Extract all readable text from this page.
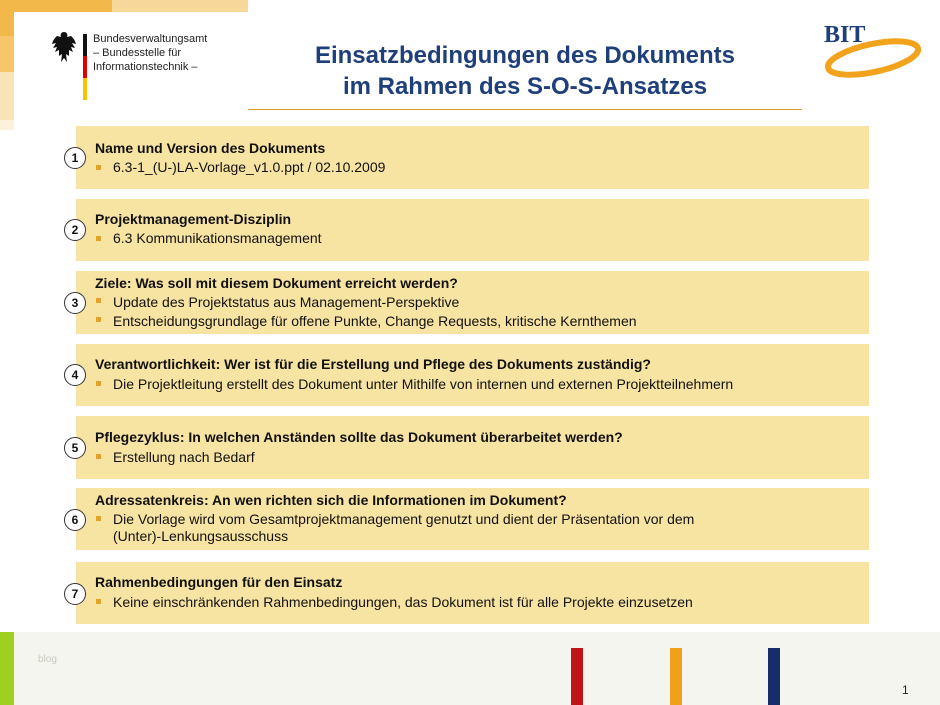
Bundesverwaltungsamt
– Bundesstelle für
Informationstechnik –	Einsatzbedingungen des Dokuments
im Rahmen des S-O-S-Ansatzes
BIT
Name und Version des Dokuments
6.3-1_(U-)LA-Vorlage_v1.0.ppt / 02.10.2009
1
Projektmanagement-Disziplin
6.3 Kommunikationsmanagement
2
Ziele: Was soll mit diesem Dokument erreicht werden?
Update des Projektstatus aus Management-Perspektive
Entscheidungsgrundlage für offene Punkte, Change Requests, kritische Kernthemen
3
Verantwortlichkeit: Wer ist für die Erstellung und Pflege des Dokuments zuständig?
Die Projektleitung erstellt des Dokument unter Mithilfe von internen und externen Projektteilnehmern
4
Pflegezyklus: In welchen Anständen sollte das Dokument überarbeitet werden?
Erstellung nach Bedarf
5
Adressatenkreis: An wen richten sich die Informationen im Dokument?
Die Vorlage wird vom Gesamtprojektmanagement genutzt und dient der Präsentation vor dem
(Unter)-Lenkungsausschuss
6
Rahmenbedingungen für den Einsatz
Keine einschränkenden Rahmenbedingungen, das Dokument ist für alle Projekte einzusetzen
7
blog
1
